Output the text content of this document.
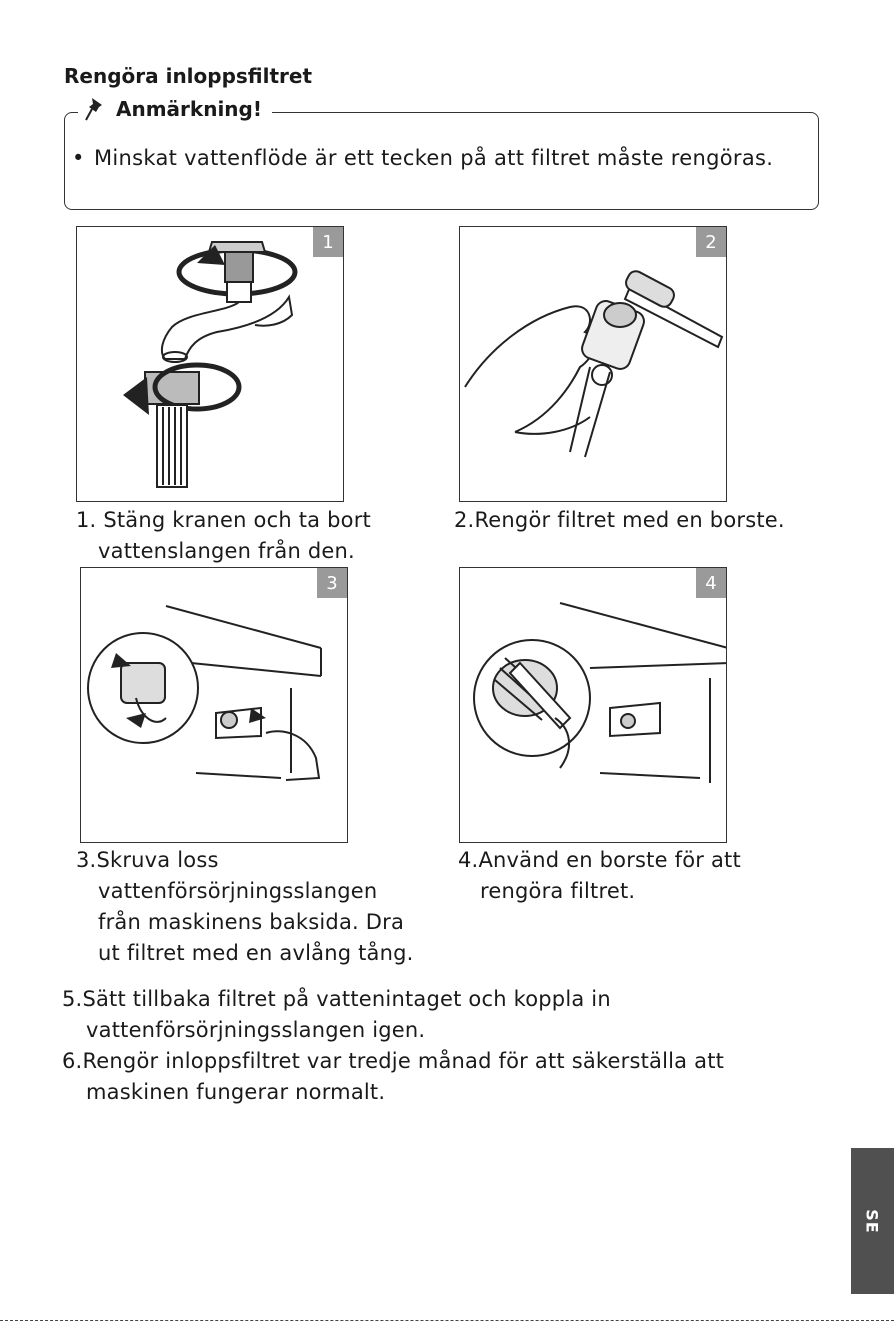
Rengöra inloppsfiltret
Anmärkning!
• Minskat vattenflöde är ett tecken på att filtret måste rengöras.
1	2
1. Stäng kranen och ta bort
vattenslangen från den.
2.Rengör filtret med en borste.
3	4
3.Skruva loss
vattenförsörjningsslangen
från maskinens baksida. Dra
ut filtret med en avlång tång.
4.Använd en borste för att
rengöra filtret.
5.Sätt tillbaka filtret på vattenintaget och koppla in
vattenförsörjningsslangen igen.
6.Rengör inloppsfiltret var tredje månad för att säkerställa att
maskinen fungerar normalt.
SE
